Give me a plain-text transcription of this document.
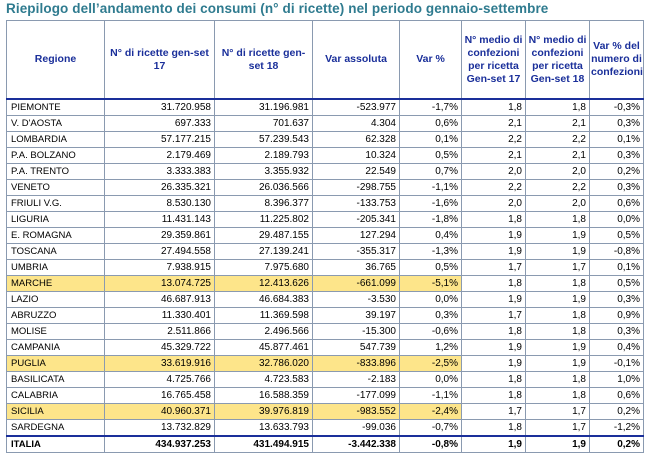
Riepilogo dell’andamento dei consumi (n° di ricette) nel periodo gennaio-settembre
Regione	N° di ricette gen-set 17	N° di ricette gen-set 18	Var assoluta	Var %	N° medio di confezioni per ricetta Gen-set 17	N° medio di confezioni per ricetta Gen-set 18	Var % del numero di confezioni
PIEMONTE	31.720.958	31.196.981	-523.977	-1,7%	1,8	1,8	-0,3%
V. D'AOSTA	697.333	701.637	4.304	0,6%	2,1	2,1	0,3%
LOMBARDIA	57.177.215	57.239.543	62.328	0,1%	2,2	2,2	0,1%
P.A. BOLZANO	2.179.469	2.189.793	10.324	0,5%	2,1	2,1	0,3%
P.A. TRENTO	3.333.383	3.355.932	22.549	0,7%	2,0	2,0	0,2%
VENETO	26.335.321	26.036.566	-298.755	-1,1%	2,2	2,2	0,3%
FRIULI V.G.	8.530.130	8.396.377	-133.753	-1,6%	2,0	2,0	0,6%
LIGURIA	11.431.143	11.225.802	-205.341	-1,8%	1,8	1,8	0,0%
E. ROMAGNA	29.359.861	29.487.155	127.294	0,4%	1,9	1,9	0,5%
TOSCANA	27.494.558	27.139.241	-355.317	-1,3%	1,9	1,9	-0,8%
UMBRIA	7.938.915	7.975.680	36.765	0,5%	1,7	1,7	0,1%
MARCHE	13.074.725	12.413.626	-661.099	-5,1%	1,8	1,8	0,5%
LAZIO	46.687.913	46.684.383	-3.530	0,0%	1,9	1,9	0,3%
ABRUZZO	11.330.401	11.369.598	39.197	0,3%	1,7	1,8	0,9%
MOLISE	2.511.866	2.496.566	-15.300	-0,6%	1,8	1,8	0,3%
CAMPANIA	45.329.722	45.877.461	547.739	1,2%	1,9	1,9	0,4%
PUGLIA	33.619.916	32.786.020	-833.896	-2,5%	1,9	1,9	-0,1%
BASILICATA	4.725.766	4.723.583	-2.183	0,0%	1,8	1,8	1,0%
CALABRIA	16.765.458	16.588.359	-177.099	-1,1%	1,8	1,8	0,6%
SICILIA	40.960.371	39.976.819	-983.552	-2,4%	1,7	1,7	0,2%
SARDEGNA	13.732.829	13.633.793	-99.036	-0,7%	1,8	1,7	-1,2%
ITALIA	434.937.253	431.494.915	-3.442.338	-0,8%	1,9	1,9	0,2%
